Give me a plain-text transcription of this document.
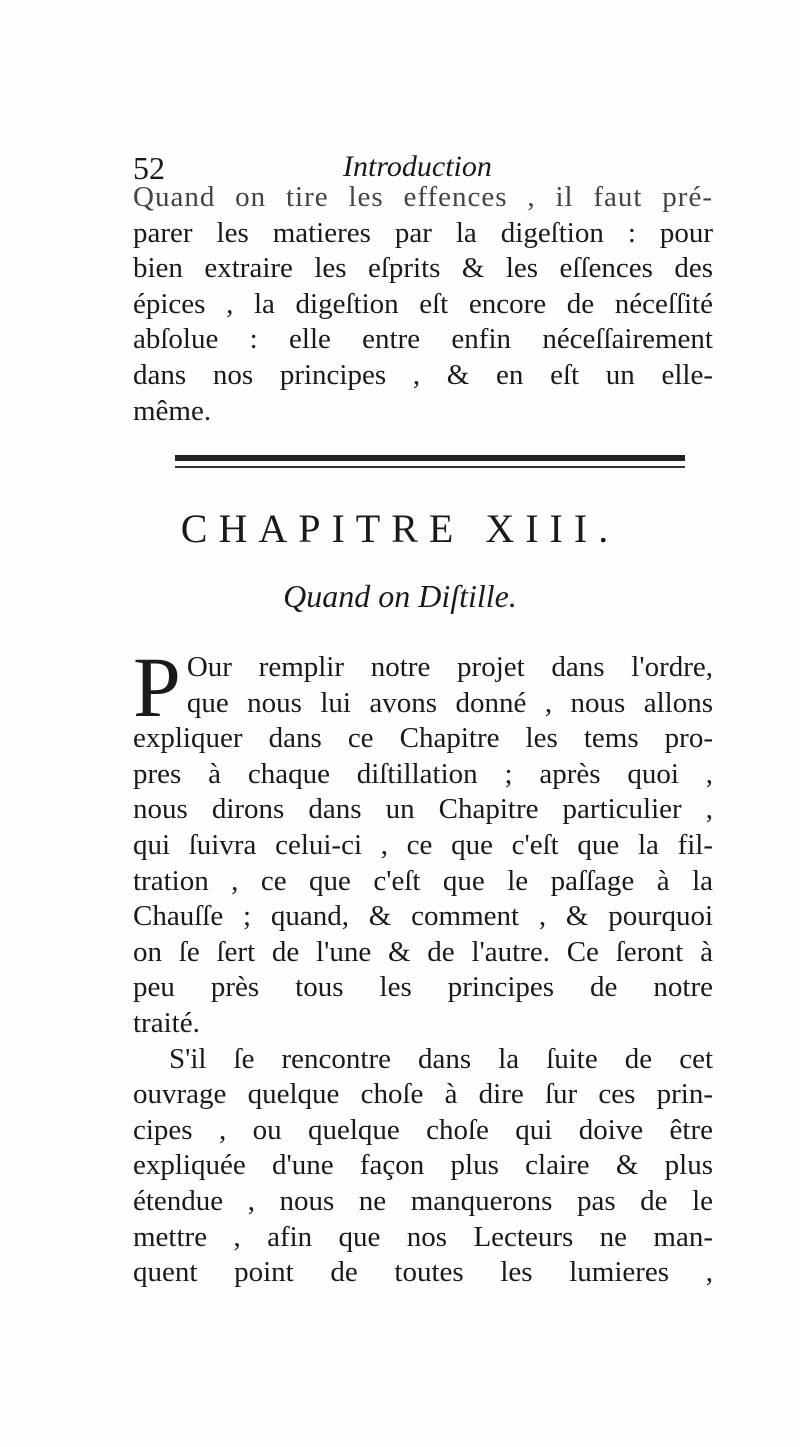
52	Introduction
Quand on tire les effences , il faut pré-
parer les matieres par la digeſtion : pour
bien extraire les eſprits & les eſſences des
épices , la digeſtion eſt encore de néceſſité
abſolue : elle entre enfin néceſſairement
dans nos principes , & en eſt un elle-
même.
CHAPITRE XIII.
Quand on Diſtille.
P Our remplir notre projet dans l'ordre,
que nous lui avons donné , nous allons
expliquer dans ce Chapitre les tems pro-
pres à chaque diſtillation ; après quoi ,
nous dirons dans un Chapitre particulier ,
qui ſuivra celui-ci , ce que c'eſt que la fil-
tration , ce que c'eſt que le paſſage à la
Chauſſe ; quand, & comment , & pourquoi
on ſe ſert de l'une & de l'autre. Ce ſeront à
peu près tous les principes de notre
traité.
S'il ſe rencontre dans la ſuite de cet
ouvrage quelque choſe à dire ſur ces prin-
cipes , ou quelque choſe qui doive être
expliquée d'une façon plus claire & plus
étendue , nous ne manquerons pas de le
mettre , afin que nos Lecteurs ne man-
quent point de toutes les lumieres ,
